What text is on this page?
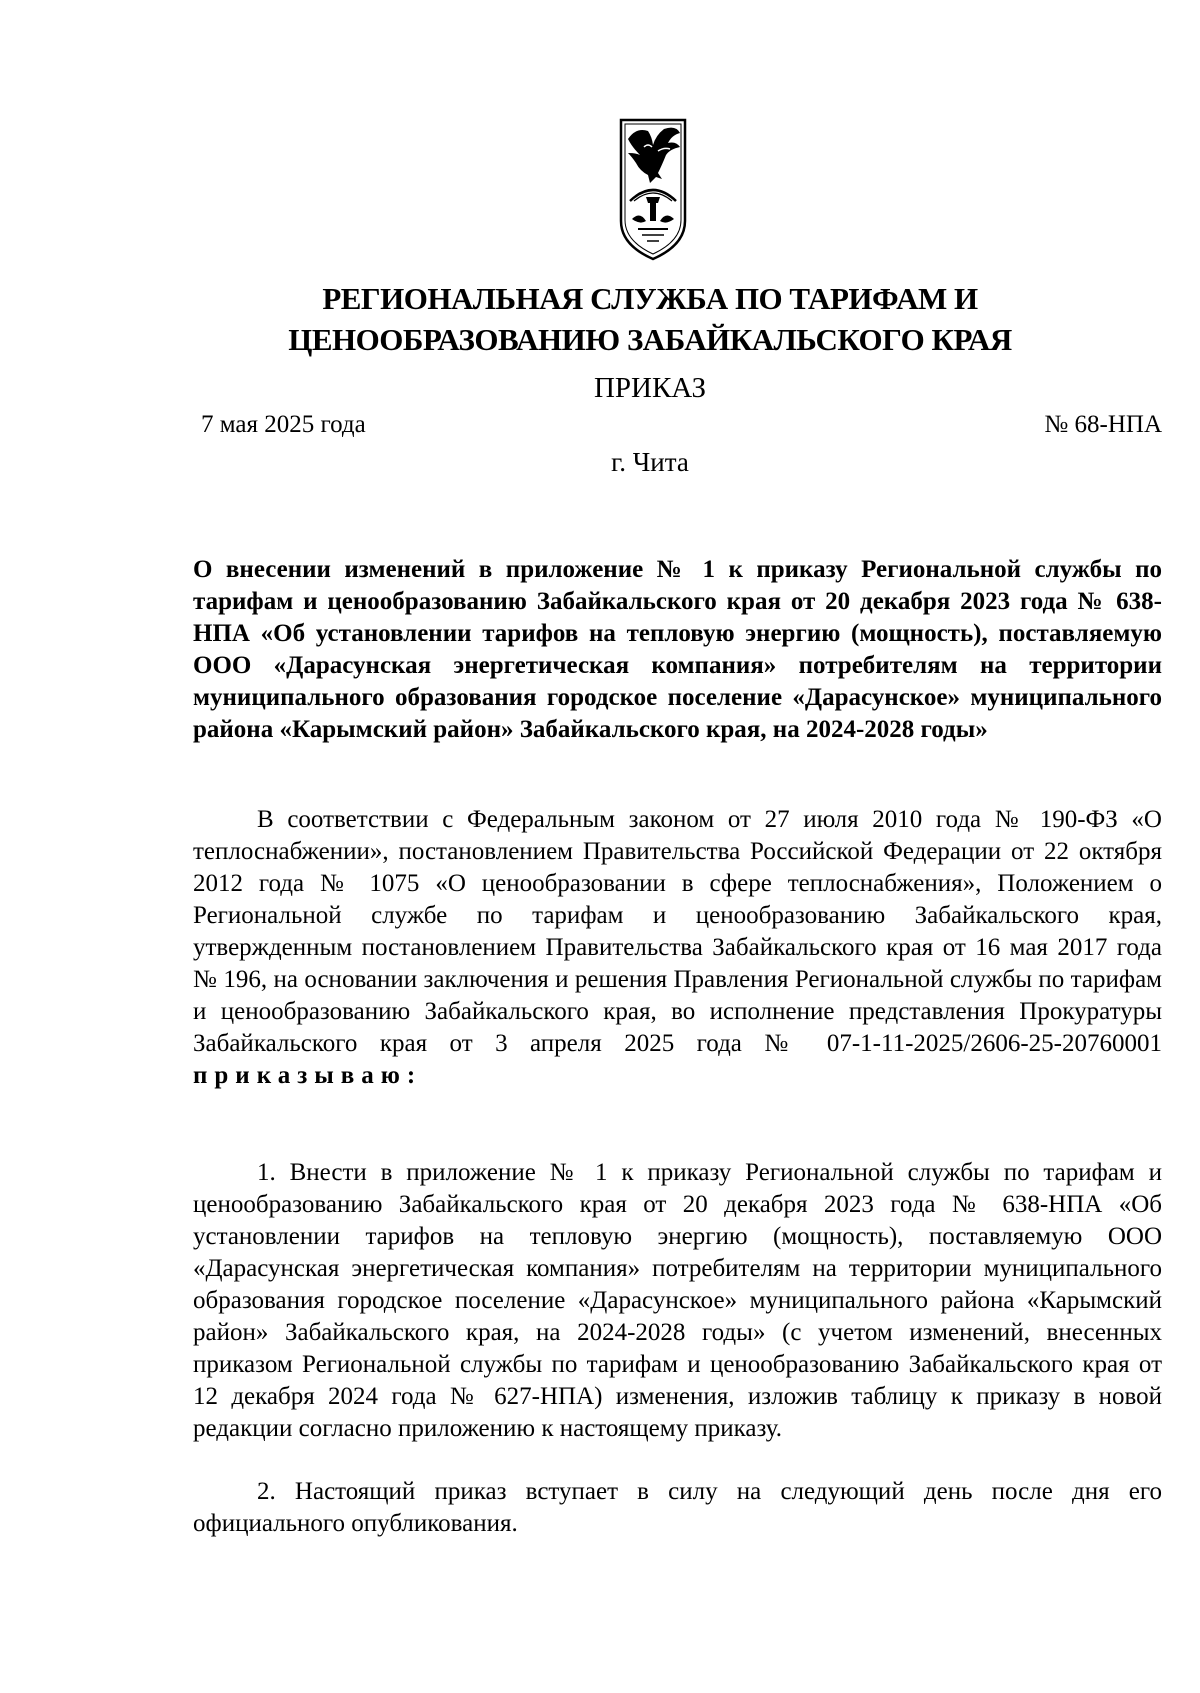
РЕГИОНАЛЬНАЯ СЛУЖБА ПО ТАРИФАМ И
ЦЕНООБРАЗОВАНИЮ ЗАБАЙКАЛЬСКОГО КРАЯ
ПРИКАЗ
7 мая 2025 года	№ 68-НПА
г. Чита
О внесении изменений в приложение № 1 к приказу Региональной службы по тарифам и ценообразованию Забайкальского края от 20 декабря 2023 года № 638-НПА «Об установлении тарифов на тепловую энергию (мощность), поставляемую ООО «Дарасунская энергетическая компания» потребителям на территории муниципального образования городское поселение «Дарасунское» муниципального района «Карымский район» Забайкальского края, на 2024-2028 годы»
В соответствии с Федеральным законом от 27 июля 2010 года № 190-ФЗ «О теплоснабжении», постановлением Правительства Российской Федерации от 22 октября 2012 года № 1075 «О ценообразовании в сфере теплоснабжения», Положением о Региональной службе по тарифам и ценообразованию Забайкальского края, утвержденным постановлением Правительства Забайкальского края от 16 мая 2017 года № 196, на основании заключения и решения Правления Региональной службы по тарифам и ценообразованию Забайкальского края, во исполнение представления Прокуратуры Забайкальского края от 3 апреля 2025 года № 07-1-11-2025/2606-25-20760001 приказываю:
1. Внести в приложение № 1 к приказу Региональной службы по тарифам и ценообразованию Забайкальского края от 20 декабря 2023 года № 638-НПА «Об установлении тарифов на тепловую энергию (мощность), поставляемую ООО «Дарасунская энергетическая компания» потребителям на территории муниципального образования городское поселение «Дарасунское» муниципального района «Карымский район» Забайкальского края, на 2024-2028 годы» (с учетом изменений, внесенных приказом Региональной службы по тарифам и ценообразованию Забайкальского края от 12 декабря 2024 года № 627-НПА) изменения, изложив таблицу к приказу в новой редакции согласно приложению к настоящему приказу.
2. Настоящий приказ вступает в силу на следующий день после дня его официального опубликования.
